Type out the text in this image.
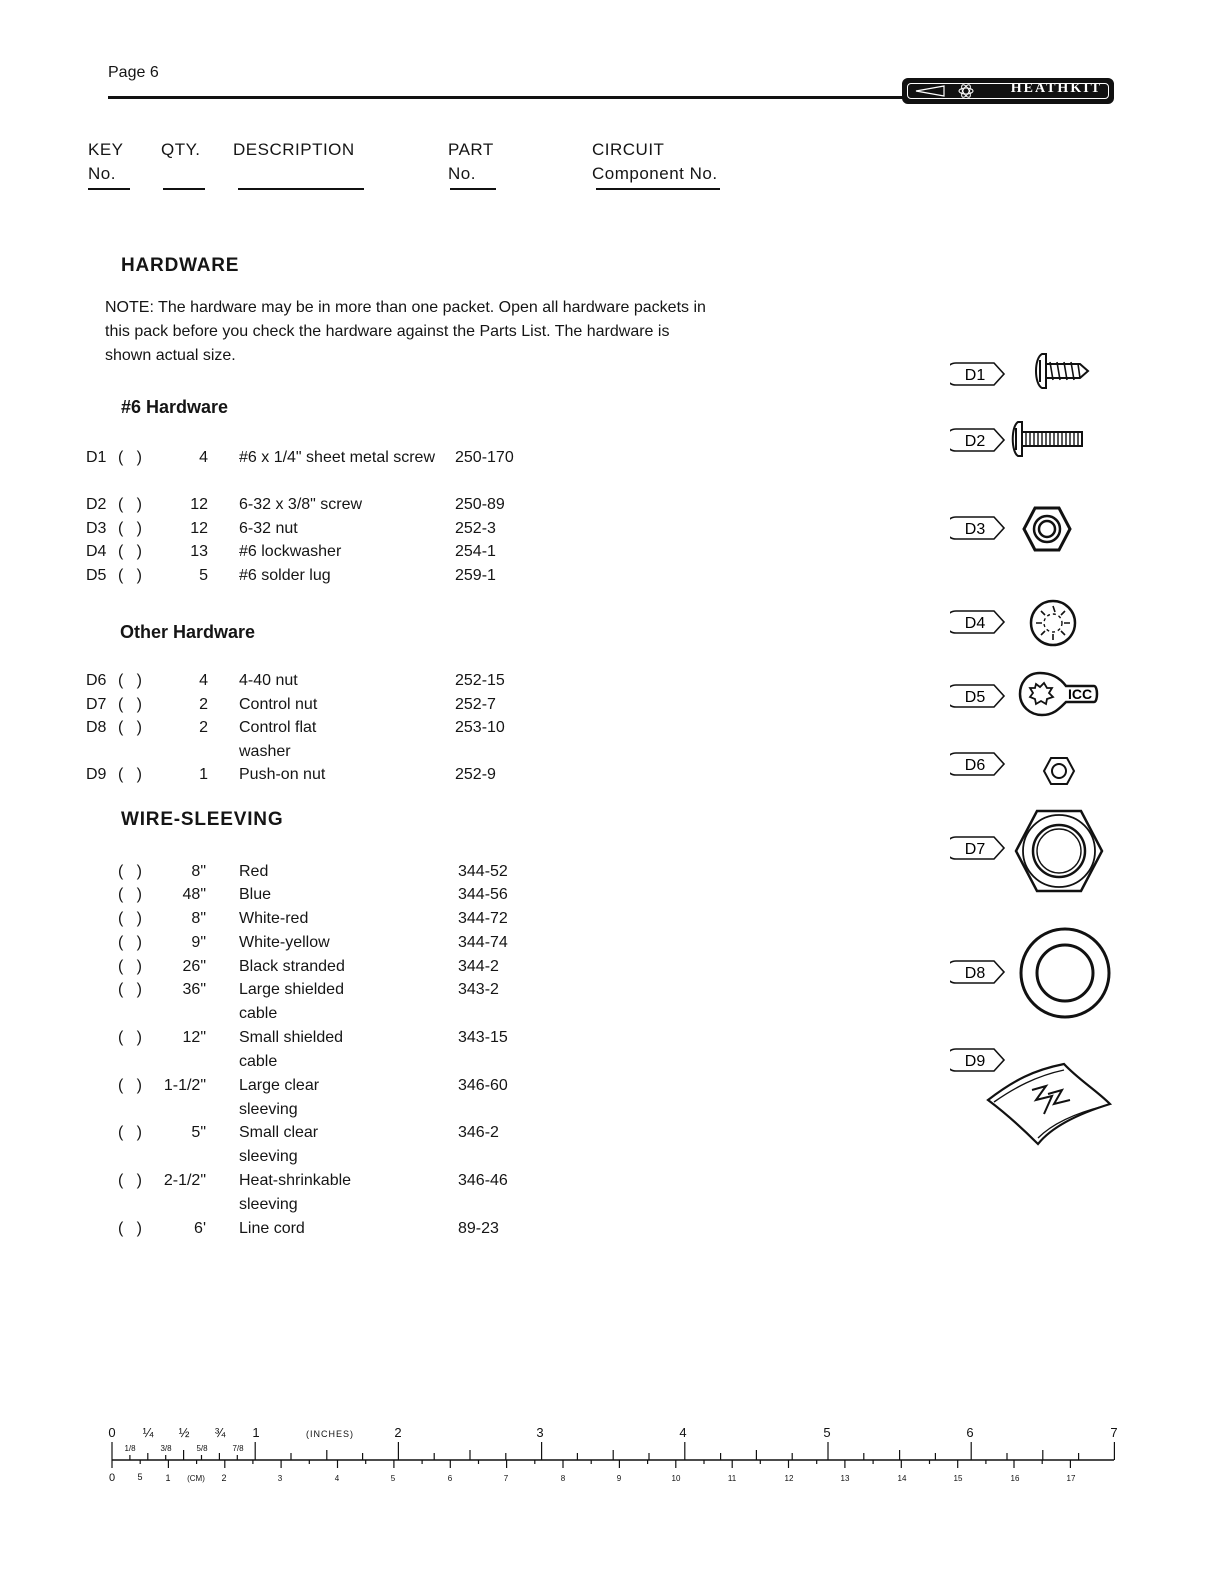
Page 6
HEATHKIT
KEY
No.
QTY. DESCRIPTION	PART
No.
CIRCUIT
Component No.
HARDWARE
NOTE: The hardware may be in more than one packet. Open all hardware packets in this pack before you check the hardware against the Parts List. The hardware is shown actual size.
#6 Hardware
D1 (   )	4 #6 x 1/4" sheet metal screw 250-170
D2 (   )	12 6-32 x 3/8" screw	250-89
D3 (   )	12 6-32 nut	252-3
D4 (   )	13 #6 lockwasher	254-1
D5 (   )	5 #6 solder lug	259-1
Other Hardware
D6 (   )	4 4-40 nut	252-15
D7 (   )	2 Control nut	252-7
D8 (   )	2 Control flat washer
253-10
D9 (   )	1 Push-on nut	252-9
WIRE-SLEEVING
(   )	8" Red	344-52
(   )	48" Blue	344-56
(   )	8" White-red	344-72
(   )	9" White-yellow	344-74
(   )	26" Black stranded	344-2
(   )	36" Large shielded cable
343-2
(   )	12" Small shielded cable
343-15
(   ) 1-1/2" Large clear sleeving
346-60
(   )	5" Small clear sleeving
346-2
(   ) 2-1/2" Heat-shrinkable sleeving
346-46
(   )	6' Line cord	89-23
D1
D2
D3
D4
D5	ICC
D6
D7
D8
D9
0 ¼ ½ ¾ 1	(INCHES)	2	3	4	5	6	7
1/8	3/8	5/8	7/8
0 5	1 (CM) 2	3	4	5	6	7	8	9	10	11	12	13	14	15	16	17
